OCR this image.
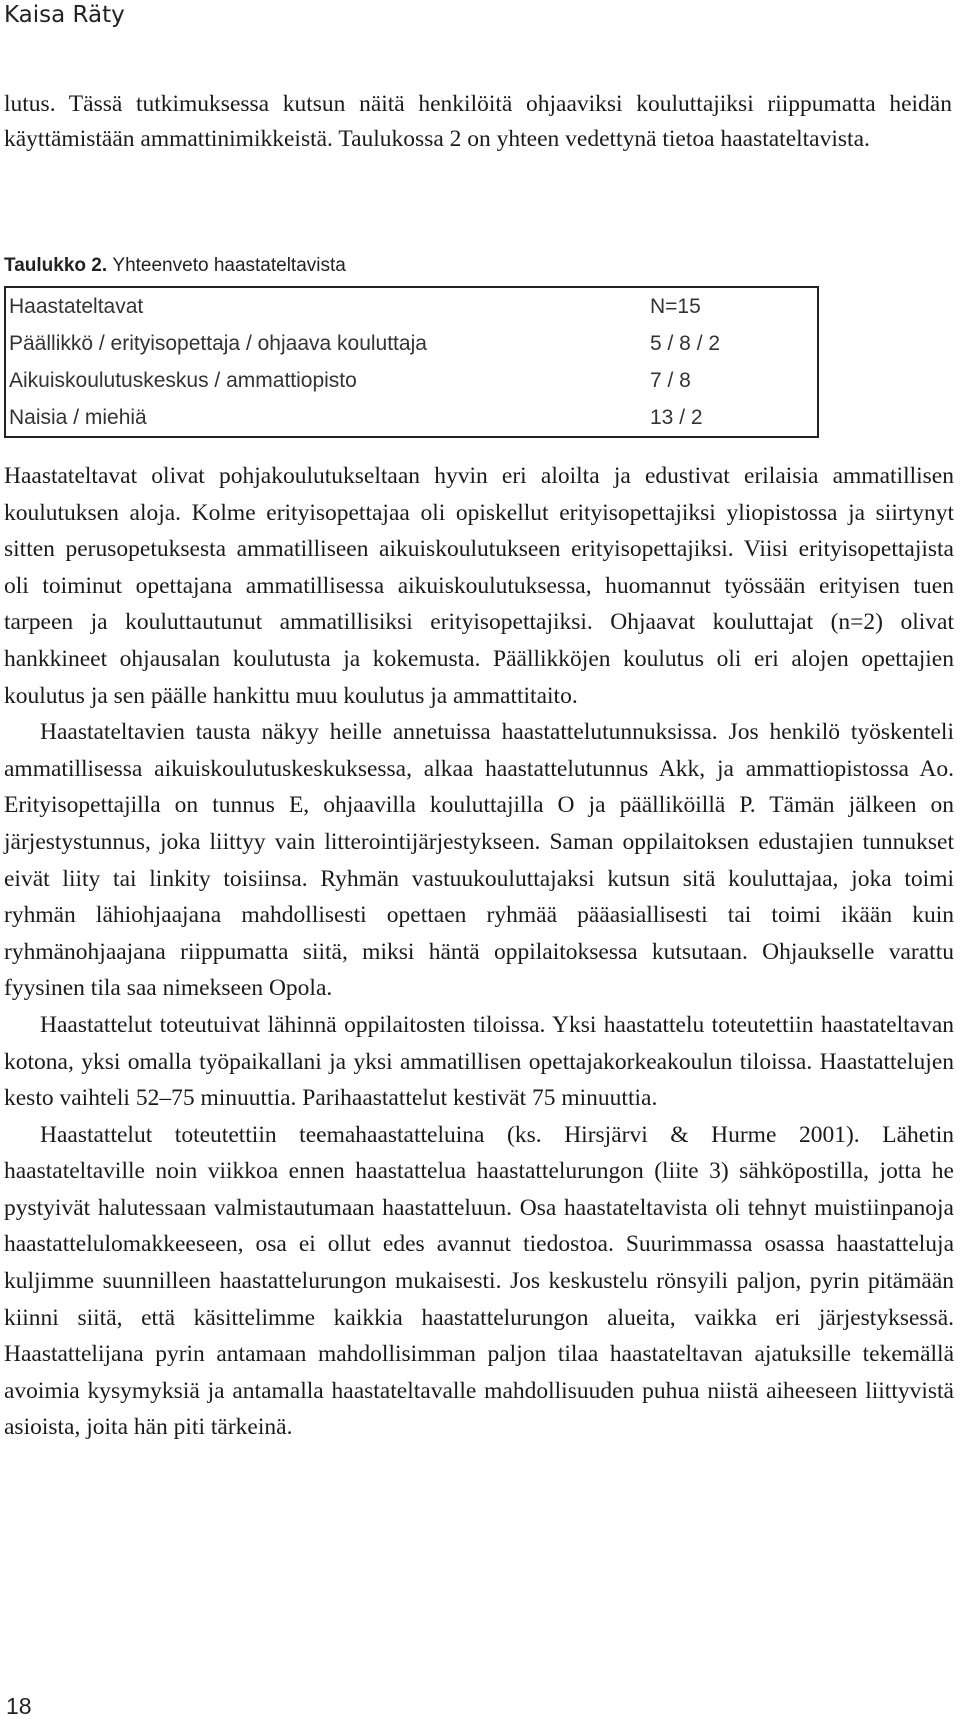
Kaisa Räty

lutus. Tässä tutkimuksessa kutsun näitä henkilöitä ohjaaviksi kouluttajiksi riippumatta heidän käyttämistään ammattinimikkeistä. Taulukossa 2 on yhteen vedettynä tietoa haastateltavista.

Taulukko 2. Yhteenveto haastateltavista
Haastateltavat	N=15
Päällikkö / erityisopettaja / ohjaava kouluttaja	5 / 8 / 2
Aikuiskoulutuskeskus / ammattiopisto	7 / 8
Naisia / miehiä	13 / 2

Haastateltavat olivat pohjakoulutukseltaan hyvin eri aloilta ja edustivat erilaisia ammatillisen koulutuksen aloja. Kolme erityisopettajaa oli opiskellut erityisopettajiksi yliopistossa ja siirtynyt sitten perusopetuksesta ammatilliseen aikuiskoulutukseen erityisopettajiksi. Viisi erityisopettajista oli toiminut opettajana ammatillisessa aikuiskoulutuksessa, huomannut työssään erityisen tuen tarpeen ja kouluttautunut ammatillisiksi erityisopettajiksi. Ohjaavat kouluttajat (n=2) olivat hankkineet ohjausalan koulutusta ja kokemusta. Päällikköjen koulutus oli eri alojen opettajien koulutus ja sen päälle hankittu muu koulutus ja ammattitaito.

Haastateltavien tausta näkyy heille annetuissa haastattelutunnuksissa. Jos henkilö työskenteli ammatillisessa aikuiskoulutuskeskuksessa, alkaa haastattelutunnus Akk, ja ammattiopistossa Ao. Erityisopettajilla on tunnus E, ohjaavilla kouluttajilla O ja päälliköillä P. Tämän jälkeen on järjestystunnus, joka liittyy vain litterointijärjestykseen. Saman oppilaitoksen edustajien tunnukset eivät liity tai linkity toisiinsa. Ryhmän vastuukouluttajaksi kutsun sitä kouluttajaa, joka toimi ryhmän lähiohjaajana mahdollisesti opettaen ryhmää pääasiallisesti tai toimi ikään kuin ryhmänohjaajana riippumatta siitä, miksi häntä oppilaitoksessa kutsutaan. Ohjaukselle varattu fyysinen tila saa nimekseen Opola.

Haastattelut toteutuivat lähinnä oppilaitosten tiloissa. Yksi haastattelu toteutettiin haastateltavan kotona, yksi omalla työpaikallani ja yksi ammatillisen opettajakorkeakoulun tiloissa. Haastattelujen kesto vaihteli 52–75 minuuttia. Parihaastattelut kestivät 75 minuuttia.

Haastattelut toteutettiin teemahaastatteluina (ks. Hirsjärvi & Hurme 2001). Lähetin haastateltaville noin viikkoa ennen haastattelua haastattelurungon (liite 3) sähköpostilla, jotta he pystyivät halutessaan valmistautumaan haastatteluun. Osa haastateltavista oli tehnyt muistiinpanoja haastattelulomakkeeseen, osa ei ollut edes avannut tiedostoa. Suurimmassa osassa haastatteluja kuljimme suunnilleen haastattelurungon mukaisesti. Jos keskustelu rönsyili paljon, pyrin pitämään kiinni siitä, että käsittelimme kaikkia haastattelurungon alueita, vaikka eri järjestyksessä. Haastattelijana pyrin antamaan mahdollisimman paljon tilaa haastateltavan ajatuksille tekemällä avoimia kysymyksiä ja antamalla haastateltavalle mahdollisuuden puhua niistä aiheeseen liittyvistä asioista, joita hän piti tärkeinä.

18
